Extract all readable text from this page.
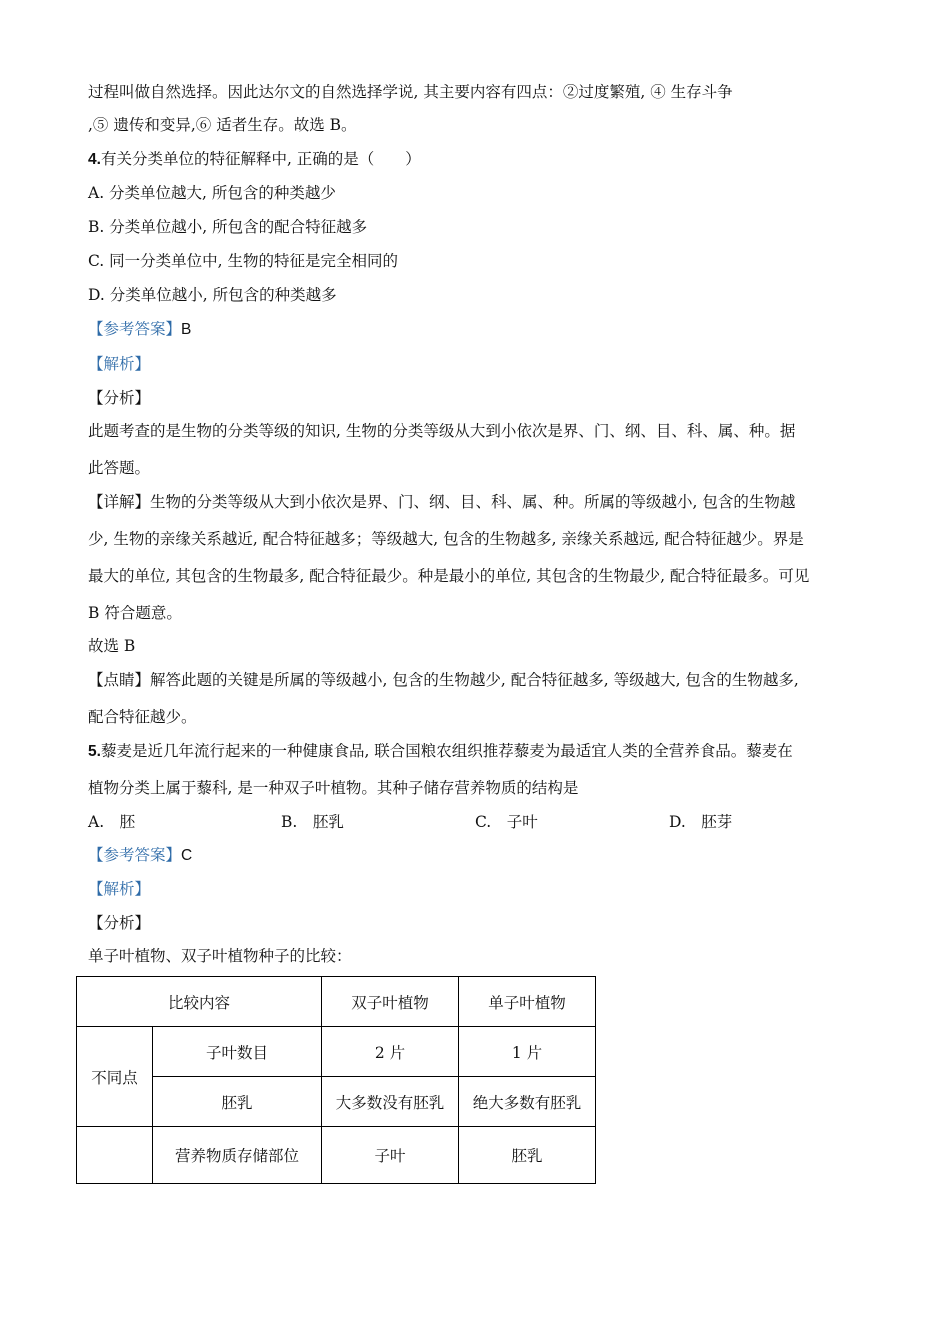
过程叫做自然选择。因此达尔文的自然选择学说, 其主要内容有四点：②过度繁殖, ④ 生存斗争
,⑤ 遗传和变异,⑥ 适者生存。故选 B。
4.有关分类单位的特征解释中, 正确的是（　　）
A. 分类单位越大, 所包含的种类越少
B. 分类单位越小, 所包含的配合特征越多
C. 同一分类单位中, 生物的特征是完全相同的
D. 分类单位越小, 所包含的种类越多
【参考答案】B
【解析】
【分析】
此题考查的是生物的分类等级的知识, 生物的分类等级从大到小依次是界、门、纲、目、科、属、种。据
此答题。
【详解】生物的分类等级从大到小依次是界、门、纲、目、科、属、种。所属的等级越小, 包含的生物越
少, 生物的亲缘关系越近, 配合特征越多；等级越大, 包含的生物越多, 亲缘关系越远, 配合特征越少。界是
最大的单位, 其包含的生物最多, 配合特征最少。种是最小的单位, 其包含的生物最少, 配合特征最多。可见
B 符合题意。
故选 B
【点睛】解答此题的关键是所属的等级越小, 包含的生物越少, 配合特征越多, 等级越大, 包含的生物越多,
配合特征越少。
5.藜麦是近几年流行起来的一种健康食品, 联合国粮农组织推荐藜麦为最适宜人类的全营养食品。藜麦在
植物分类上属于藜科, 是一种双子叶植物。其种子储存营养物质的结构是
A.　胚	B.　胚乳	C.　子叶	D.　胚芽
【参考答案】C
【解析】
【分析】
单子叶植物、双子叶植物种子的比较：
比较内容		双子叶植物	单子叶植物
不同点	子叶数目	2 片	1 片
	胚乳	大多数没有胚乳	绝大多数有胚乳
	营养物质存储部位	子叶	胚乳
